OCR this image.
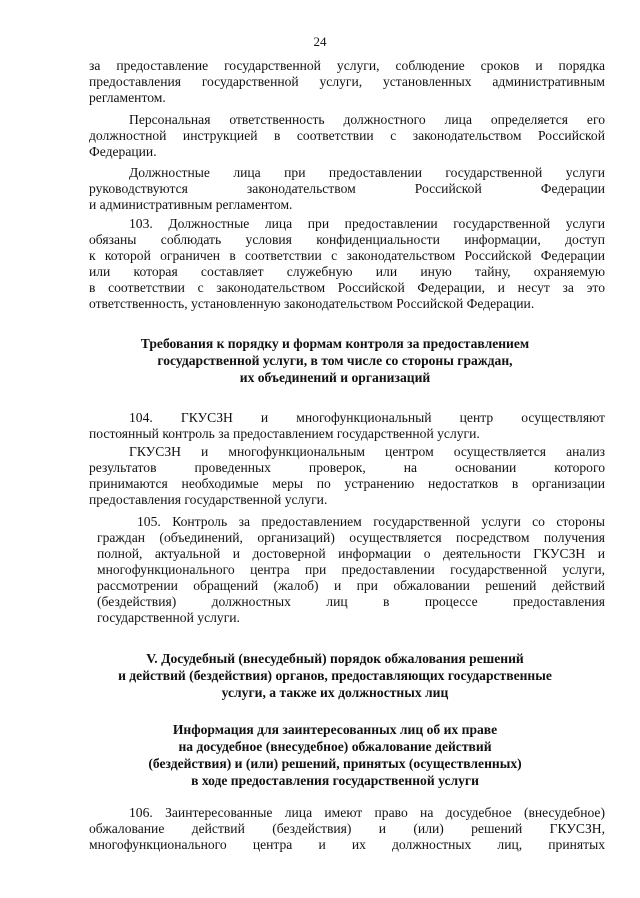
24
за предоставление государственной услуги, соблюдение сроков и порядка
предоставления государственной услуги, установленных административным
регламентом.
Персональная ответственность должностного лица определяется его
должностной инструкцией в соответствии с законодательством Российской
Федерации.
Должностные лица при предоставлении государственной услуги
руководствуются законодательством Российской Федерации
и административным регламентом.
103. Должностные лица при предоставлении государственной услуги
обязаны соблюдать условия конфиденциальности информации, доступ
к которой ограничен в соответствии с законодательством Российской Федерации
или которая составляет служебную или иную тайну, охраняемую
в соответствии с законодательством Российской Федерации, и несут за это
ответственность, установленную законодательством Российской Федерации.
Требования к порядку и формам контроля за предоставлением
государственной услуги, в том числе со стороны граждан,
их объединений и организаций
104. ГКУСЗН и многофункциональный центр осуществляют
постоянный контроль за предоставлением государственной услуги.
ГКУСЗН и многофункциональным центром осуществляется анализ
результатов проведенных проверок, на основании которого
принимаются необходимые меры по устранению недостатков в организации
предоставления государственной услуги.
105. Контроль за предоставлением государственной услуги со стороны
граждан (объединений, организаций) осуществляется посредством получения
полной, актуальной и достоверной информации о деятельности ГКУСЗН и
многофункционального центра при предоставлении государственной услуги,
рассмотрении обращений (жалоб) и при обжаловании решений действий
(бездействия) должностных лиц в процессе предоставления
государственной услуги.
V. Досудебный (внесудебный) порядок обжалования решений
и действий (бездействия) органов, предоставляющих государственные
услуги, а также их должностных лиц
Информация для заинтересованных лиц об их праве
на досудебное (внесудебное) обжалование действий
(бездействия) и (или) решений, принятых (осуществленных)
в ходе предоставления государственной услуги
106. Заинтересованные лица имеют право на досудебное (внесудебное)
обжалование действий (бездействия) и (или) решений ГКУСЗН,
многофункционального центра и их должностных лиц, принятых
